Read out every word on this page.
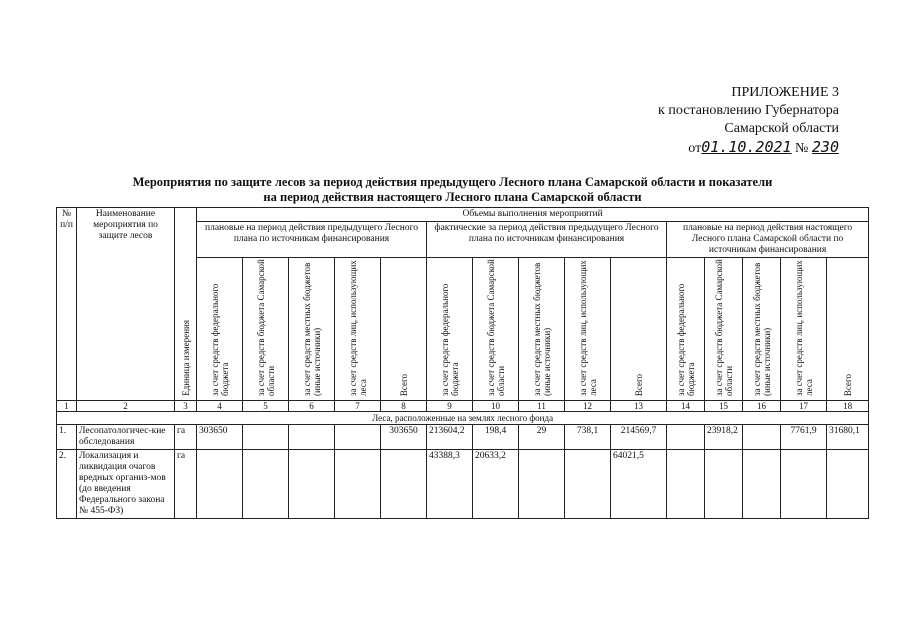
ПРИЛОЖЕНИЕ 3
к постановлению Губернатора
Самарской области
от01.10.2021 № 230
Мероприятия по защите лесов за период действия предыдущего Лесного плана Самарской области и показатели
на период действия настоящего Лесного плана Самарской области
№ п/п	Наименование мероприятия по защите лесов	Единица измерения	Объемы выполнения мероприятий														
			плановые на период действия предыдущего Лесного плана по источникам финансирования					фактические за период действия предыдущего Лесного плана по источникам финансирования					плановые на период действия настоящего Лесного плана Самарской области по источникам финансирования				
			за счет средств федерального бюджета	за счет средств бюджета Самарской области	за счет средств местных бюджетов (иные источники)	за счет средств лиц, использующих леса	Всего	за счет средств федерального бюджета	за счет средств бюджета Самарской области	за счет средств местных бюджетов (иные источники)	за счет средств лиц, использующих леса	Всего	за счет средств федерального бюджета	за счет средств бюджета Самарской области	за счет средств местных бюджетов (иные источники)	за счет средств лиц, использующих леса	Всего
1	2	3	4	5	6	7	8	9	10	11	12	13	14	15	16	17	18
Леса, расположенные на землях лесного фонда																	
1.	Лесопатологичес-кие обследования	га	303650				303650	213604,2	198,4	29	738,1	214569,7		23918,2		7761,9	31680,1
2.	Локализация и ликвидация очагов вредных организ-мов (до введения Федерального закона № 455-ФЗ)	га						43388,3	20633,2			64021,5					
